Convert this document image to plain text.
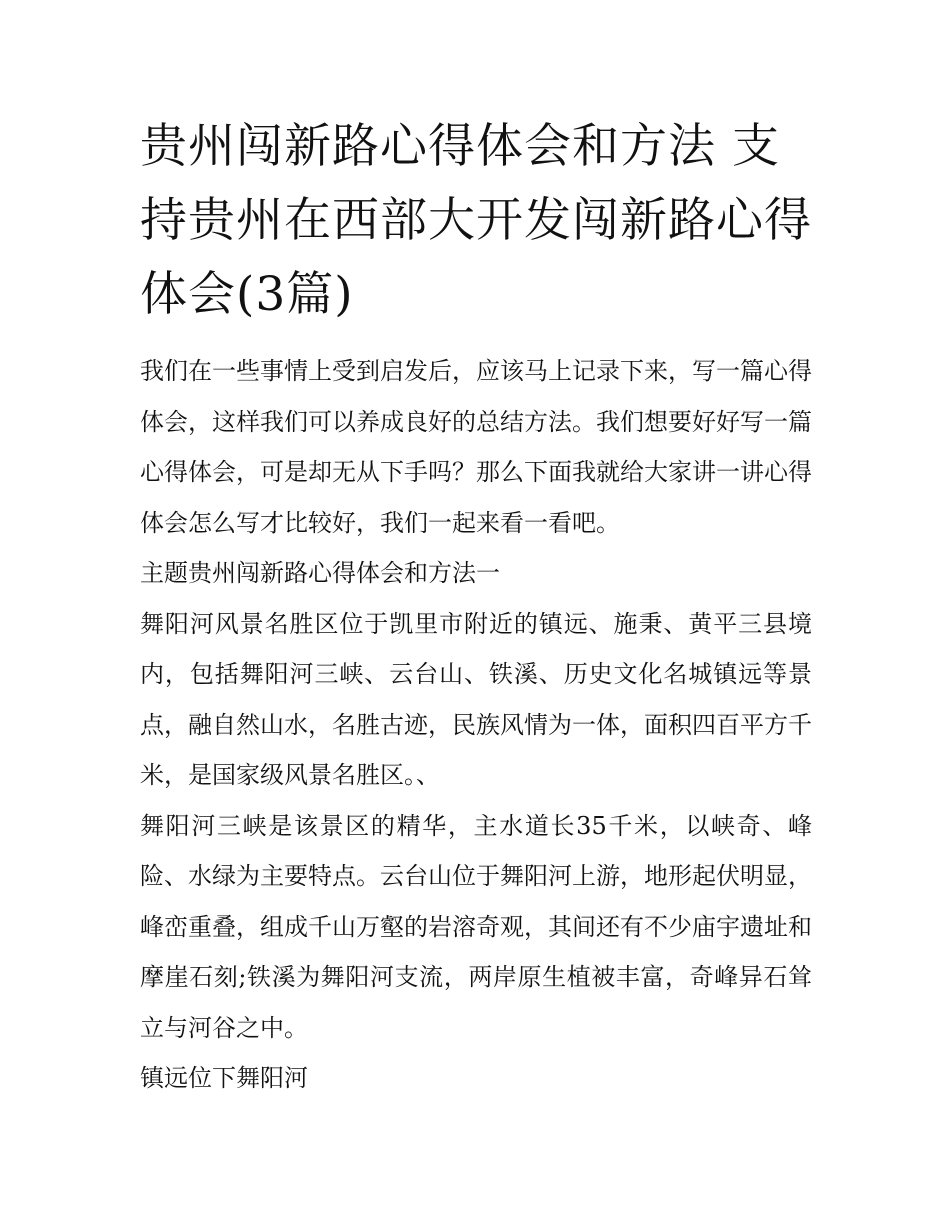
贵州闯新路心得体会和方法 支持贵州在西部大开发闯新路心得体会(3篇)

我们在一些事情上受到启发后，应该马上记录下来，写一篇心得体会，这样我们可以养成良好的总结方法。我们想要好好写一篇心得体会，可是却无从下手吗？那么下面我就给大家讲一讲心得体会怎么写才比较好，我们一起来看一看吧。

主题贵州闯新路心得体会和方法一

舞阳河风景名胜区位于凯里市附近的镇远、施秉、黄平三县境内，包括舞阳河三峡、云台山、铁溪、历史文化名城镇远等景点，融自然山水，名胜古迹，民族风情为一体，面积四百平方千米，是国家级风景名胜区。、

舞阳河三峡是该景区的精华，主水道长35千米，以峡奇、峰险、水绿为主要特点。云台山位于舞阳河上游，地形起伏明显，峰峦重叠，组成千山万壑的岩溶奇观，其间还有不少庙宇遗址和摩崖石刻;铁溪为舞阳河支流，两岸原生植被丰富，奇峰异石耸立与河谷之中。

镇远位下舞阳河
